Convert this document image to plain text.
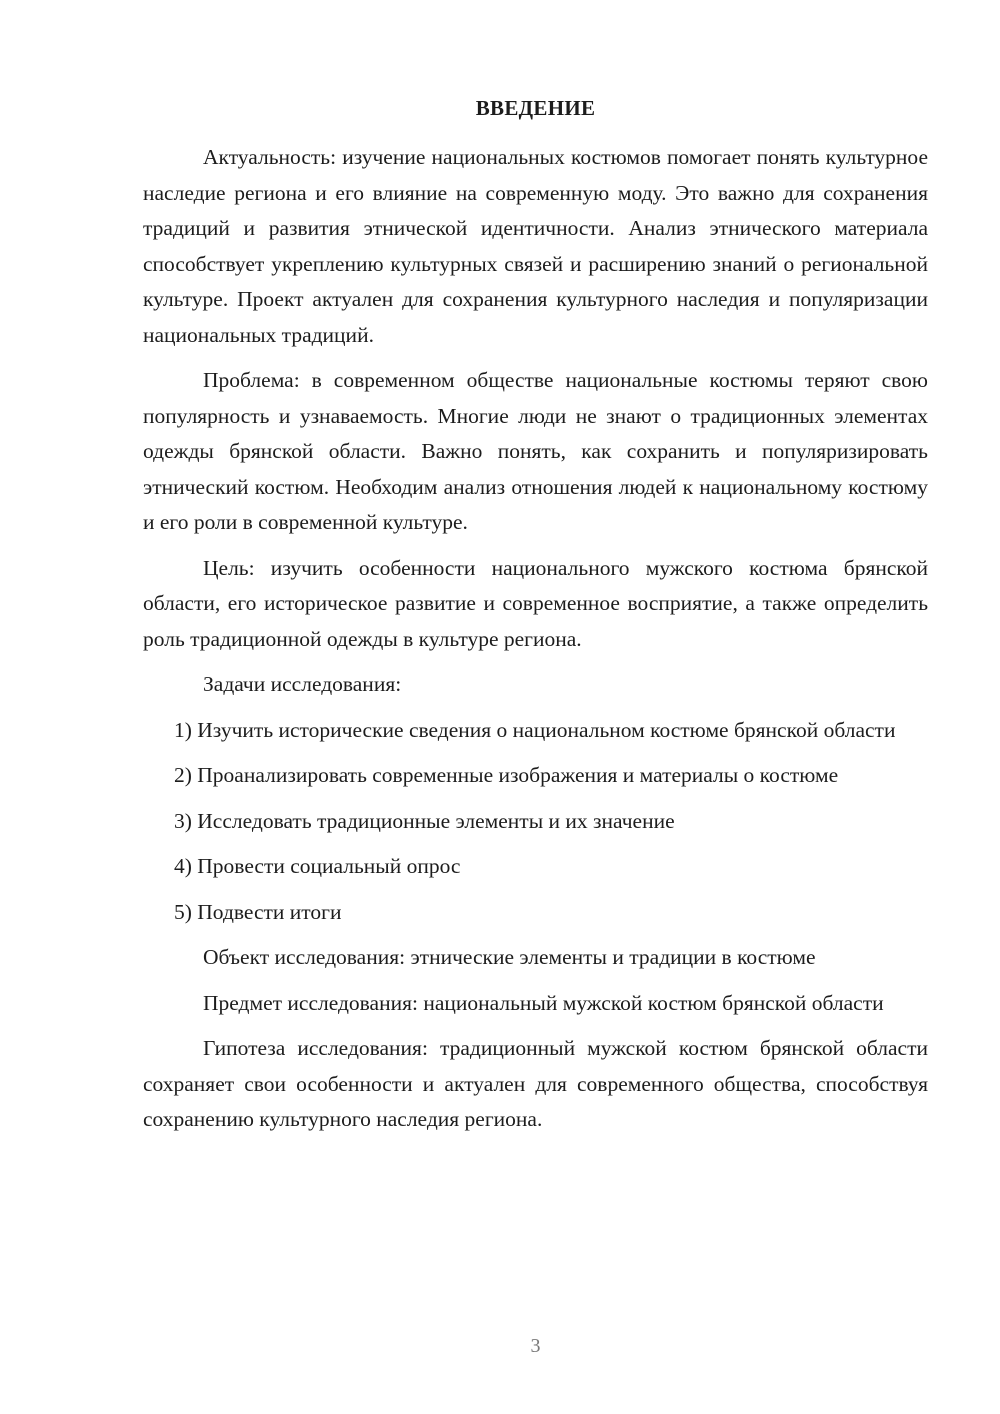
ВВЕДЕНИЕ

Актуальность: изучение национальных костюмов помогает понять культурное наследие региона и его влияние на современную моду. Это важно для сохранения традиций и развития этнической идентичности. Анализ этнического материала способствует укреплению культурных связей и расширению знаний о региональной культуре. Проект актуален для сохранения культурного наследия и популяризации национальных традиций.

Проблема: в современном обществе национальные костюмы теряют свою популярность и узнаваемость. Многие люди не знают о традиционных элементах одежды брянской области. Важно понять, как сохранить и популяризировать этнический костюм. Необходим анализ отношения людей к национальному костюму и его роли в современной культуре.

Цель: изучить особенности национального мужского костюма брянской области, его историческое развитие и современное восприятие, а также определить роль традиционной одежды в культуре региона.

Задачи исследования:

1) Изучить исторические сведения о национальном костюме брянской области

2) Проанализировать современные изображения и материалы о костюме

3) Исследовать традиционные элементы и их значение

4) Провести социальный опрос

5) Подвести итоги

Объект исследования: этнические элементы и традиции в костюме

Предмет исследования: национальный мужской костюм брянской области

Гипотеза исследования: традиционный мужской костюм брянской области сохраняет свои особенности и актуален для современного общества, способствуя сохранению культурного наследия региона.

3
